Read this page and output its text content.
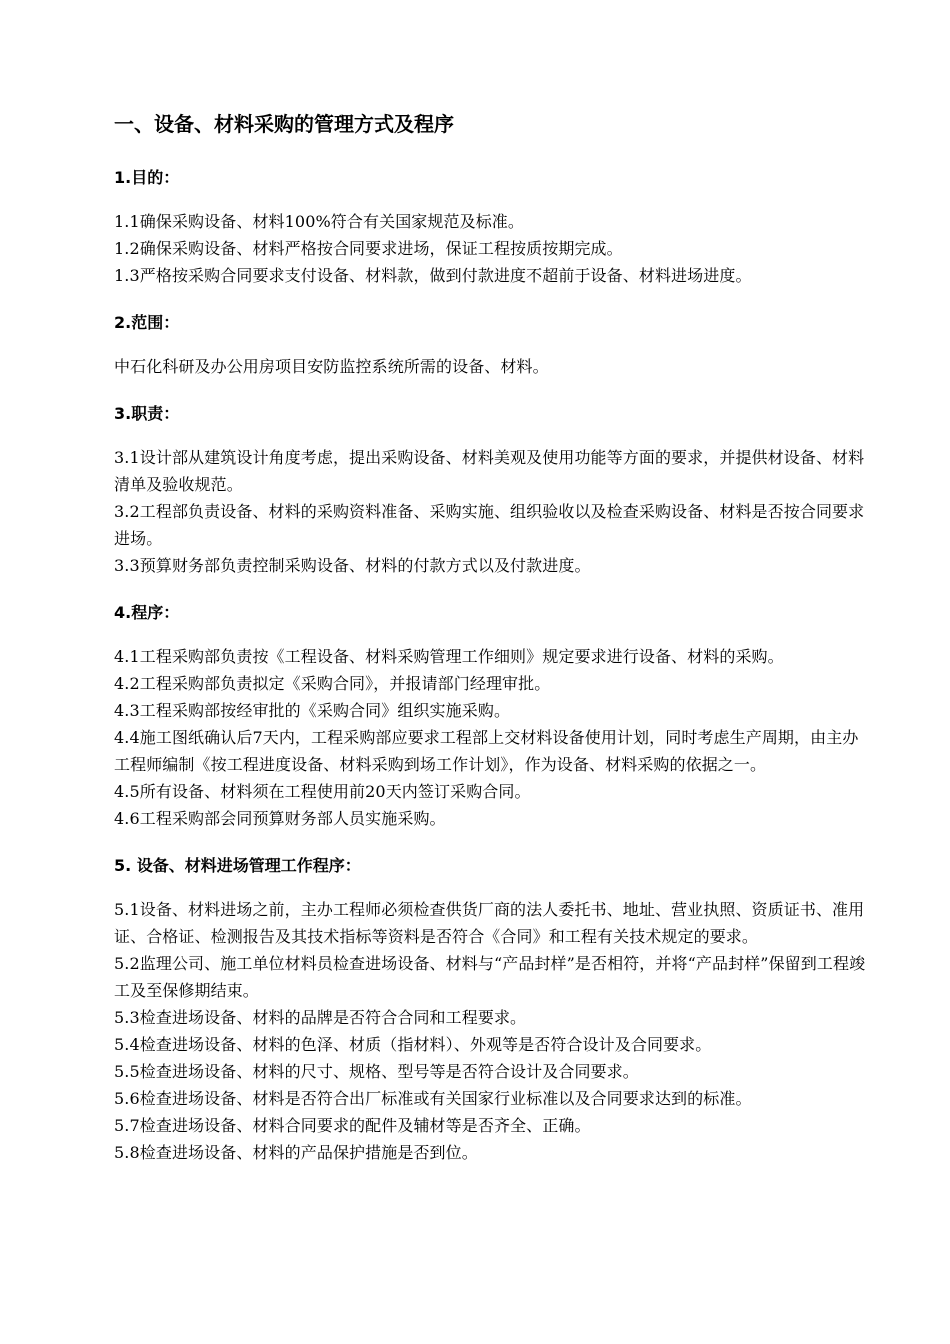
一、设备、材料采购的管理方式及程序
1.目的：

1.1确保采购设备、材料100%符合有关国家规范及标准。

1.2确保采购设备、材料严格按合同要求进场，保证工程按质按期完成。

1.3严格按采购合同要求支付设备、材料款，做到付款进度不超前于设备、材料进场进度。

2.范围：

中石化科研及办公用房项目安防监控系统所需的设备、材料。

3.职责：

3.1设计部从建筑设计角度考虑，提出采购设备、材料美观及使用功能等方面的要求，并提供材设备、材料清单及验收规范。

3.2工程部负责设备、材料的采购资料准备、采购实施、组织验收以及检查采购设备、材料是否按合同要求进场。

3.3预算财务部负责控制采购设备、材料的付款方式以及付款进度。

4.程序：

4.1工程采购部负责按《工程设备、材料采购管理工作细则》规定要求进行设备、材料的采购。

4.2工程采购部负责拟定《采购合同》，并报请部门经理审批。

4.3工程采购部按经审批的《采购合同》组织实施采购。

4.4施工图纸确认后7天内，工程采购部应要求工程部上交材料设备使用计划，同时考虑生产周期，由主办工程师编制《按工程进度设备、材料采购到场工作计划》，作为设备、材料采购的依据之一。

4.5所有设备、材料须在工程使用前20天内签订采购合同。

4.6工程采购部会同预算财务部人员实施采购。

5. 设备、材料进场管理工作程序：

5.1设备、材料进场之前，主办工程师必须检查供货厂商的法人委托书、地址、营业执照、资质证书、准用证、合格证、检测报告及其技术指标等资料是否符合《合同》和工程有关技术规定的要求。

5.2监理公司、施工单位材料员检查进场设备、材料与“产品封样”是否相符，并将“产品封样”保留到工程竣工及至保修期结束。

5.3检查进场设备、材料的品牌是否符合合同和工程要求。

5.4检查进场设备、材料的色泽、材质（指材料）、外观等是否符合设计及合同要求。

5.5检查进场设备、材料的尺寸、规格、型号等是否符合设计及合同要求。

5.6检查进场设备、材料是否符合出厂标准或有关国家行业标准以及合同要求达到的标准。

5.7检查进场设备、材料合同要求的配件及辅材等是否齐全、正确。

5.8检查进场设备、材料的产品保护措施是否到位。
